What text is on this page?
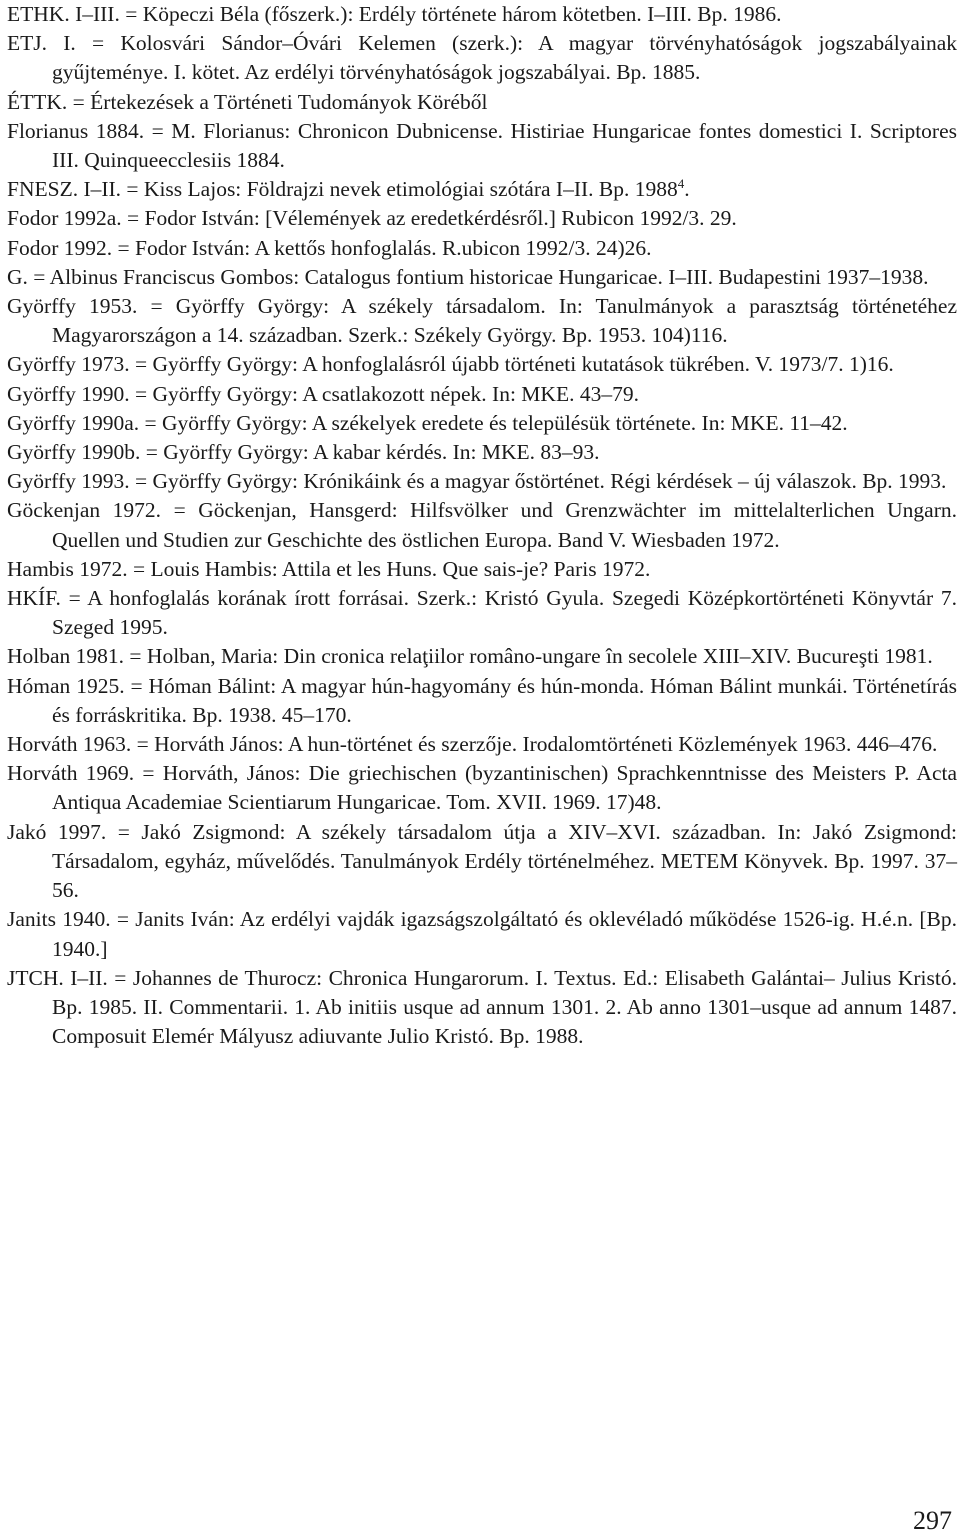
ETHK. I–III. = Köpeczi Béla (főszerk.): Erdély története három kötetben. I–III. Bp. 1986.

ETJ. I. = Kolosvári Sándor–Óvári Kelemen (szerk.): A magyar törvényhatóságok jogszabályainak gyűjteménye. I. kötet. Az erdélyi törvényhatóságok jogszabályai. Bp. 1885.

ÉTTK. = Értekezések a Történeti Tudományok Köréből

Florianus 1884. = M. Florianus: Chronicon Dubnicense. Histiriae Hungaricae fontes domestici I. Scriptores III. Quinqueecclesiis 1884.

FNESZ. I–II. = Kiss Lajos: Földrajzi nevek etimológiai szótára I–II. Bp. 1988$^4$.

Fodor 1992a. = Fodor István: [Vélemények az eredetkérdésről.] Rubicon 1992/3. 29.

Fodor 1992. = Fodor István: A kettős honfoglalás. R.ubicon 1992/3. 24)26.

G. = Albinus Franciscus Gombos: Catalogus fontium historicae Hungaricae. I–III. Budapestini 1937–1938.

Györffy 1953. = Györffy György: A székely társadalom. In: Tanulmányok a parasztság történetéhez Magyarországon a 14. században. Szerk.: Székely György. Bp. 1953. 104)116.

Györffy 1973. = Györffy György: A honfoglalásról újabb történeti kutatások tükrében. V. 1973/7. 1)16.

Györffy 1990. = Györffy György: A csatlakozott népek. In: MKE. 43–79.

Györffy 1990a. = Györffy György: A székelyek eredete és településük története. In: MKE. 11–42.

Györffy 1990b. = Györffy György: A kabar kérdés. In: MKE. 83–93.

Györffy 1993. = Györffy György: Krónikáink és a magyar őstörténet. Régi kérdések – új válaszok. Bp. 1993.

Göckenjan 1972. = Göckenjan, Hansgerd: Hilfsvölker und Grenzwächter im mittelalterlichen Ungarn. Quellen und Studien zur Geschichte des östlichen Europa. Band V. Wiesbaden 1972.

Hambis 1972. = Louis Hambis: Attila et les Huns. Que sais-je? Paris 1972.

HKÍF. = A honfoglalás korának írott forrásai. Szerk.: Kristó Gyula. Szegedi Középkortörténeti Könyvtár 7. Szeged 1995.

Holban 1981. = Holban, Maria: Din cronica relaţiilor româno-ungare în secolele XIII–XIV. Bucureşti 1981.

Hóman 1925. = Hóman Bálint: A magyar hún-hagyomány és hún-monda. Hóman Bálint munkái. Történetírás és forráskritika. Bp. 1938. 45–170.

Horváth 1963. = Horváth János: A hun-történet és szerzője. Irodalomtörténeti Közlemények 1963. 446–476.

Horváth 1969. = Horváth, János: Die griechischen (byzantinischen) Sprachkenntnisse des Meisters P. Acta Antiqua Academiae Scientiarum Hungaricae. Tom. XVII. 1969. 17)48.

Jakó 1997. = Jakó Zsigmond: A székely társadalom útja a XIV–XVI. században. In: Jakó Zsigmond: Társadalom, egyház, művelődés. Tanulmányok Erdély történelméhez. METEM Könyvek. Bp. 1997. 37–56.

Janits 1940. = Janits Iván: Az erdélyi vajdák igazságszolgáltató és oklevéladó működése 1526-ig. H.é.n. [Bp. 1940.]

JTCH. I–II. = Johannes de Thurocz: Chronica Hungarorum. I. Textus. Ed.: Elisabeth Galántai– Julius Kristó. Bp. 1985. II. Commentarii. 1. Ab initiis usque ad annum 1301. 2. Ab anno 1301–usque ad annum 1487. Composuit Elemér Mályusz adiuvante Julio Kristó. Bp. 1988.

297
